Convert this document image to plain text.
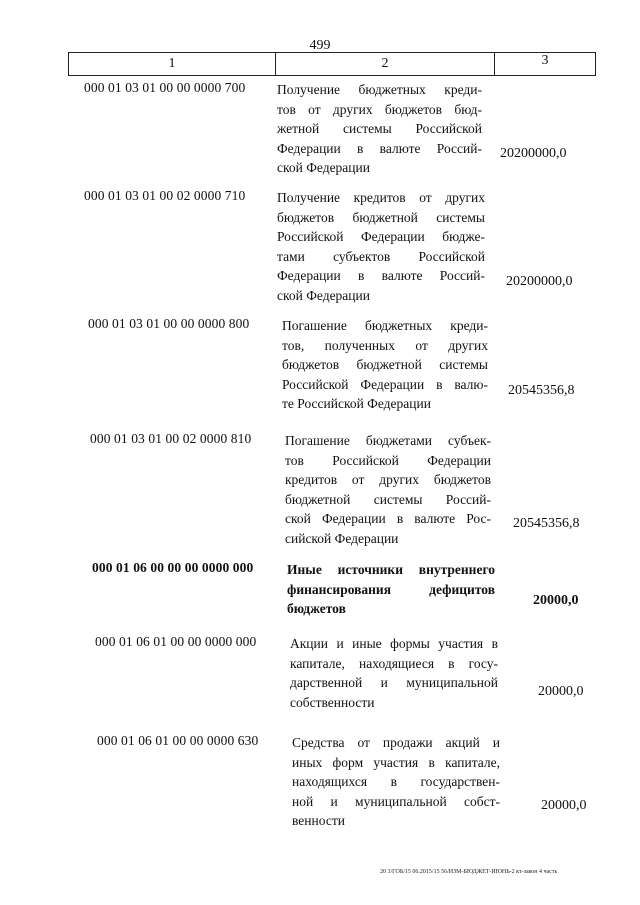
499
1	2	3
000 01 03 01 00 00 0000 700	Получение бюджетных креди-
тов от других бюджетов бюд-
жетной системы Российской
Федерации в валюте Россий-
ской Федерации
20200000,0
000 01 03 01 00 02 0000 710	Получение кредитов от других
бюджетов бюджетной системы
Российской Федерации бюдже-
тами субъектов Российской
Федерации в валюте Россий-
ской Федерации
20200000,0
000 01 03 01 00 00 0000 800	Погашение бюджетных креди-
тов, полученных от других
бюджетов бюджетной системы
Российской Федерации в валю-
те Российской Федерации
20545356,8
000 01 03 01 00 02 0000 810	Погашение бюджетами субъек-
тов Российской Федерации
кредитов от других бюджетов
бюджетной системы Россий-
ской Федерации в валюте Рос-
сийской Федерации
20545356,8
000 01 06 00 00 00 0000 000	Иные источники внутреннего
финансирования дефицитов
бюджетов
20000,0
000 01 06 01 00 00 0000 000	Акции и иные формы участия в
капитале, находящиеся в госу-
дарственной и муниципальной
собственности
20000,0
000 01 06 01 00 00 0000 630	Средства от продажи акций и
иных форм участия в капитале,
находящихся в государствен-
ной и муниципальной собст-
венности
20000,0
20 3/ГОБ/15 06.2015/15 56/ИЗМ-БЮДЖЕТ-ИЮНЬ-2 кт-закон 4 часть
